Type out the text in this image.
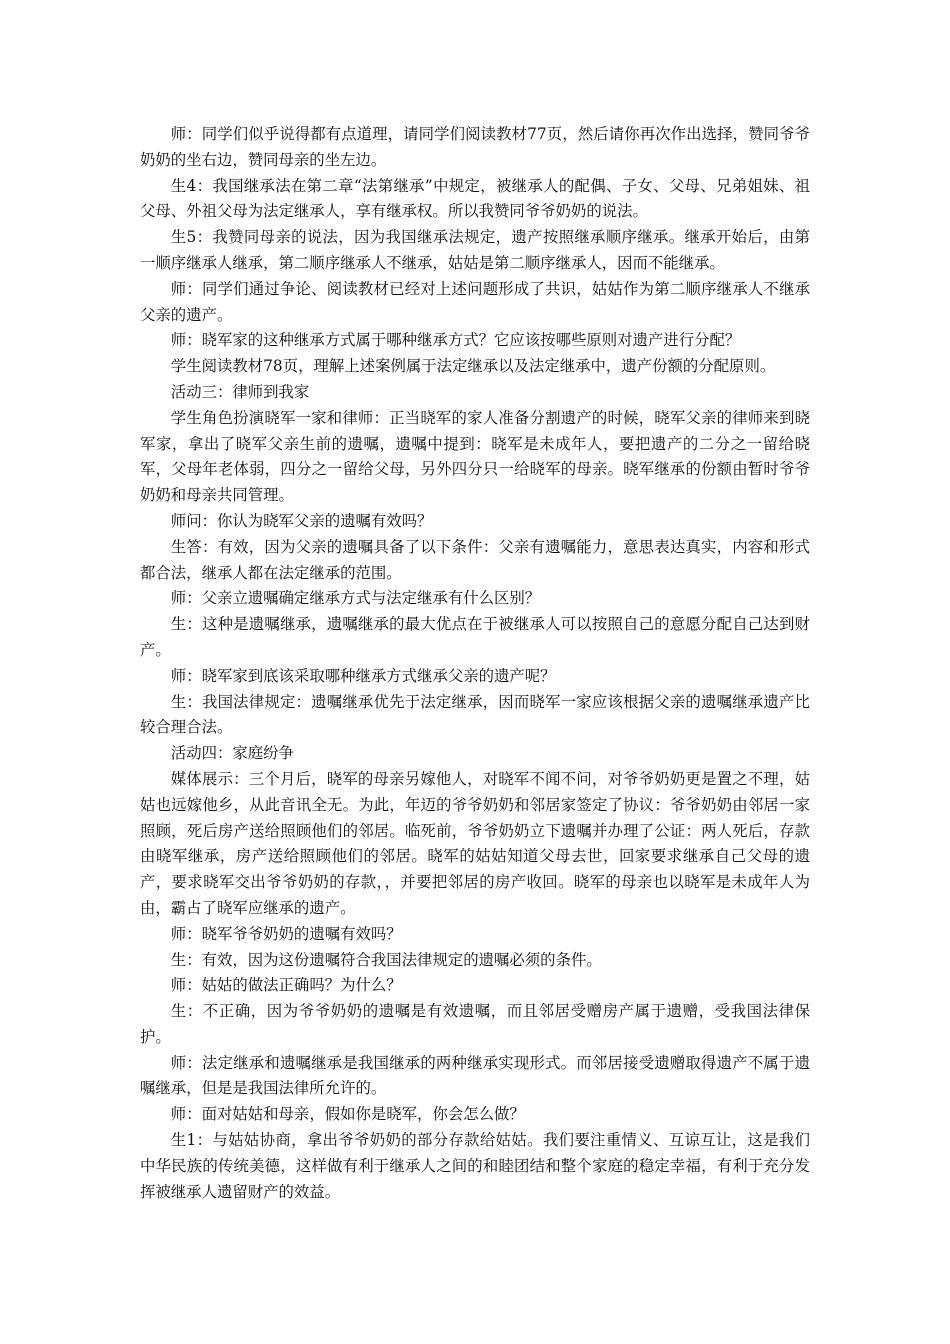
师：同学们似乎说得都有点道理，请同学们阅读教材77页，然后请你再次作出选择，赞同爷爷奶奶的坐右边，赞同母亲的坐左边。

生4：我国继承法在第二章“法第继承”中规定，被继承人的配偶、子女、父母、兄弟姐妹、祖父母、外祖父母为法定继承人，享有继承权。所以我赞同爷爷奶奶的说法。

生5：我赞同母亲的说法，因为我国继承法规定，遗产按照继承顺序继承。继承开始后，由第一顺序继承人继承，第二顺序继承人不继承，姑姑是第二顺序继承人，因而不能继承。

师：同学们通过争论、阅读教材已经对上述问题形成了共识，姑姑作为第二顺序继承人不继承父亲的遗产。

师：晓军家的这种继承方式属于哪种继承方式？它应该按哪些原则对遗产进行分配？

学生阅读教材78页，理解上述案例属于法定继承以及法定继承中，遗产份额的分配原则。

活动三：律师到我家

学生角色扮演晓军一家和律师：正当晓军的家人准备分割遗产的时候，晓军父亲的律师来到晓军家，拿出了晓军父亲生前的遗嘱，遗嘱中提到：晓军是未成年人，要把遗产的二分之一留给晓军，父母年老体弱，四分之一留给父母，另外四分只一给晓军的母亲。晓军继承的份额由暂时爷爷奶奶和母亲共同管理。

师问：你认为晓军父亲的遗嘱有效吗？

生答：有效，因为父亲的遗嘱具备了以下条件：父亲有遗嘱能力，意思表达真实，内容和形式都合法，继承人都在法定继承的范围。

师：父亲立遗嘱确定继承方式与法定继承有什么区别？

生：这种是遗嘱继承，遗嘱继承的最大优点在于被继承人可以按照自己的意愿分配自己达到财产。

师：晓军家到底该采取哪种继承方式继承父亲的遗产呢？

生：我国法律规定：遗嘱继承优先于法定继承，因而晓军一家应该根据父亲的遗嘱继承遗产比较合理合法。

活动四：家庭纷争

媒体展示：三个月后，晓军的母亲另嫁他人，对晓军不闻不问，对爷爷奶奶更是置之不理，姑姑也远嫁他乡，从此音讯全无。为此，年迈的爷爷奶奶和邻居家签定了协议：爷爷奶奶由邻居一家照顾，死后房产送给照顾他们的邻居。临死前，爷爷奶奶立下遗嘱并办理了公证：两人死后，存款由晓军继承，房产送给照顾他们的邻居。晓军的姑姑知道父母去世，回家要求继承自己父母的遗产，要求晓军交出爷爷奶奶的存款，，并要把邻居的房产收回。晓军的母亲也以晓军是未成年人为由，霸占了晓军应继承的遗产。

师：晓军爷爷奶奶的遗嘱有效吗？

生：有效，因为这份遗嘱符合我国法律规定的遗嘱必须的条件。

师：姑姑的做法正确吗？为什么？

生：不正确，因为爷爷奶奶的遗嘱是有效遗嘱，而且邻居受赠房产属于遗赠，受我国法律保护。

师：法定继承和遗嘱继承是我国继承的两种继承实现形式。而邻居接受遗赠取得遗产不属于遗嘱继承，但是是我国法律所允许的。

师：面对姑姑和母亲，假如你是晓军，你会怎么做？

生1：与姑姑协商，拿出爷爷奶奶的部分存款给姑姑。我们要注重情义、互谅互让，这是我们中华民族的传统美德，这样做有利于继承人之间的和睦团结和整个家庭的稳定幸福，有利于充分发挥被继承人遗留财产的效益。
